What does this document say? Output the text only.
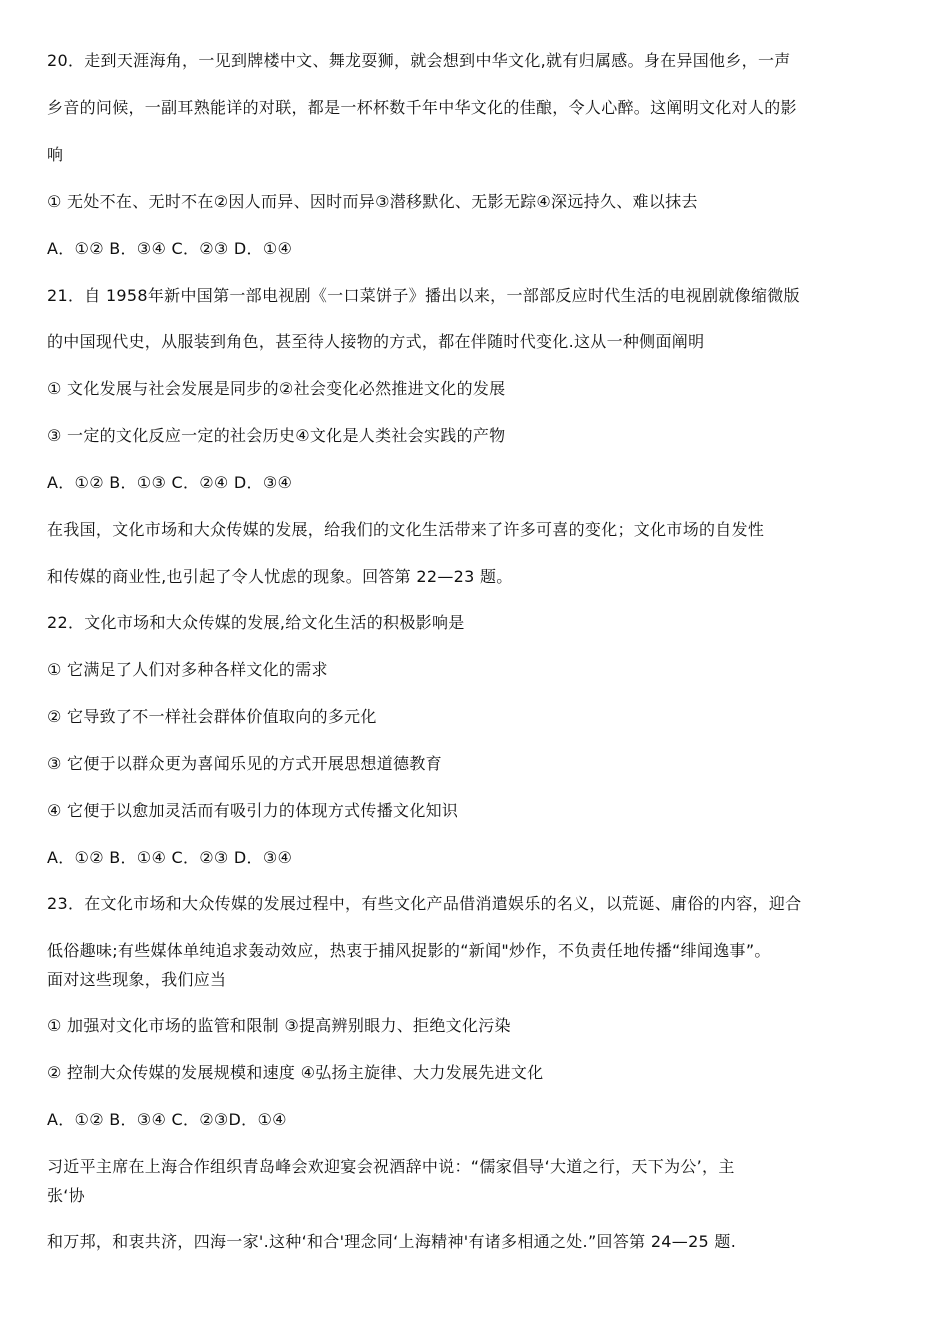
20．走到天涯海角，一见到牌楼中文、舞龙耍狮，就会想到中华文化,就有归属感。身在异国他乡，一声
乡音的问候，一副耳熟能详的对联，都是一杯杯数千年中华文化的佳酿，令人心醉。这阐明文化对人的影
响
① 无处不在、无时不在②因人而异、因时而异③潜移默化、无影无踪④深远持久、难以抹去
A．①② B．③④ C．②③ D．①④
21．自 1958年新中国第一部电视剧《一口菜饼子》播出以来，一部部反应时代生活的电视剧就像缩微版
的中国现代史，从服装到角色，甚至待人接物的方式，都在伴随时代变化.这从一种侧面阐明
① 文化发展与社会发展是同步的②社会变化必然推进文化的发展
③ 一定的文化反应一定的社会历史④文化是人类社会实践的产物
A．①② B．①③ C．②④ D．③④
在我国，文化市场和大众传媒的发展，给我们的文化生活带来了许多可喜的变化；文化市场的自发性
和传媒的商业性,也引起了令人忧虑的现象。回答第 22—23 题。
22．文化市场和大众传媒的发展,给文化生活的积极影响是
① 它满足了人们对多种各样文化的需求
② 它导致了不一样社会群体价值取向的多元化
③ 它便于以群众更为喜闻乐见的方式开展思想道德教育
④ 它便于以愈加灵活而有吸引力的体现方式传播文化知识
A．①② B．①④ C．②③ D．③④
23．在文化市场和大众传媒的发展过程中，有些文化产品借消遣娱乐的名义，以荒诞、庸俗的内容，迎合
低俗趣味;有些媒体单纯追求轰动效应，热衷于捕风捉影的“新闻"炒作，不负责任地传播“绯闻逸事”。
面对这些现象，我们应当
① 加强对文化市场的监管和限制 ③提高辨别眼力、拒绝文化污染
② 控制大众传媒的发展规模和速度 ④弘扬主旋律、大力发展先进文化
A．①② B．③④ C．②③D．①④
习近平主席在上海合作组织青岛峰会欢迎宴会祝酒辞中说：“儒家倡导‘大道之行，天下为公’，主
张‘协
和万邦，和衷共济，四海一家'.这种‘和合'理念同‘上海精神'有诸多相通之处.”回答第 24—25 题.
